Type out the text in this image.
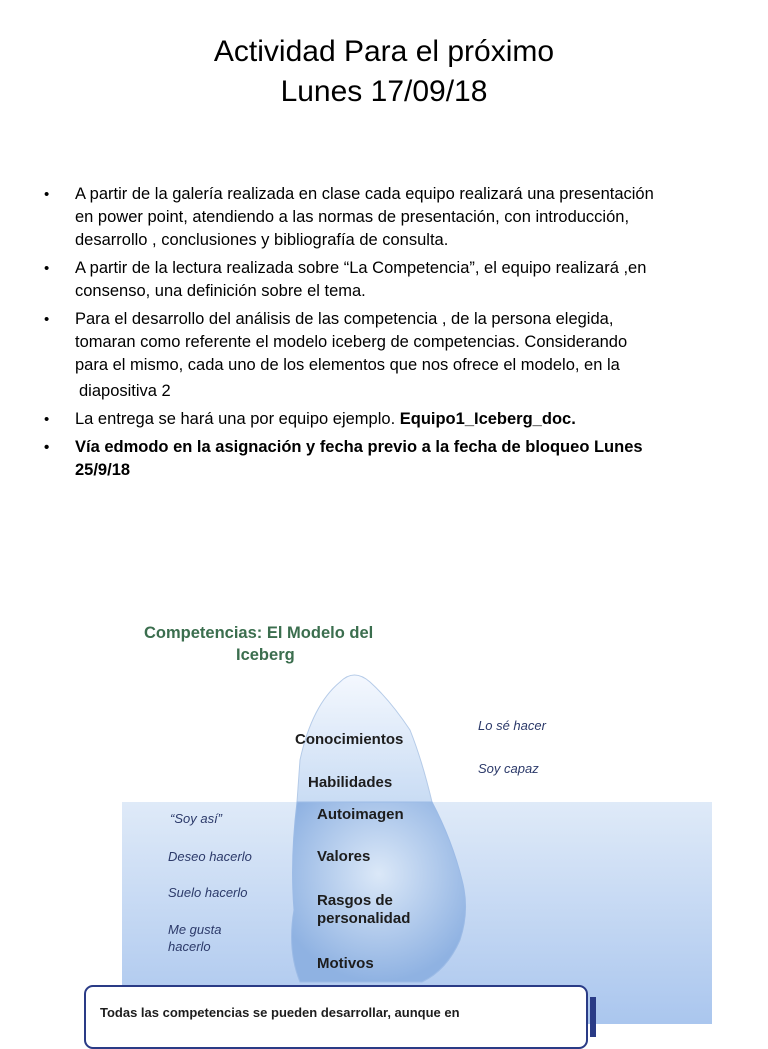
Actividad Para el próximo
Lunes 17/09/18
• A partir de la galería realizada en clase cada equipo realizará una presentación
en power point, atendiendo a las normas de presentación, con introducción,
desarrollo , conclusiones y bibliografía de consulta.
• A partir de la lectura realizada sobre “La Competencia”, el equipo realizará ,en
consenso, una definición sobre el tema.
• Para el desarrollo del análisis de las competencia , de la persona elegida,
tomaran como referente el modelo iceberg de competencias. Considerando
para el mismo, cada uno de los elementos que nos ofrece el modelo, en la
diapositiva 2
• La entrega se hará una por equipo ejemplo. Equipo1_Iceberg_doc.
• Vía edmodo en la asignación y fecha previo a la fecha de bloqueo Lunes
25/9/18
Competencias: El Modelo del
Iceberg
Conocimientos
Habilidades
Autoimagen
Valores
Rasgos de
personalidad
Motivos
Lo sé hacer
Soy capaz
“Soy así”
Deseo hacerlo
Suelo hacerlo
Me gusta
hacerlo
Todas las competencias se pueden desarrollar, aunque en
